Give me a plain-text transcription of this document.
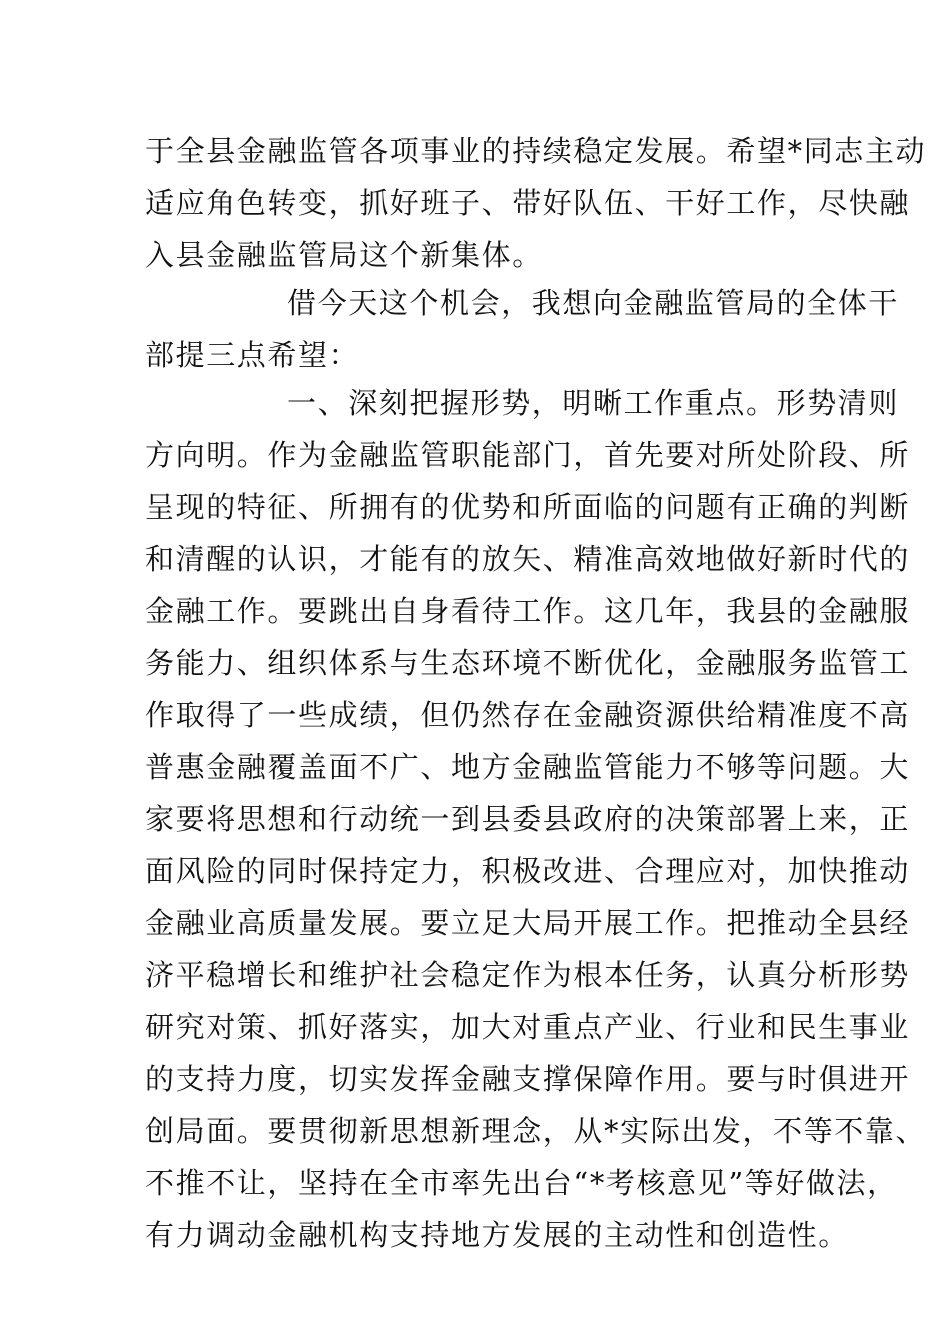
于全县金融监管各项事业的持续稳定发展。希望*同志主动
适应角色转变，抓好班子、带好队伍、干好工作，尽快融
入县金融监管局这个新集体。
借今天这个机会，我想向金融监管局的全体干
部提三点希望：
一、深刻把握形势，明晰工作重点。形势清则
方向明。作为金融监管职能部门，首先要对所处阶段、所
呈现的特征、所拥有的优势和所面临的问题有正确的判断
和清醒的认识，才能有的放矢、精准高效地做好新时代的
金融工作。要跳出自身看待工作。这几年，我县的金融服
务能力、组织体系与生态环境不断优化，金融服务监管工
作取得了一些成绩，但仍然存在金融资源供给精准度不高
普惠金融覆盖面不广、地方金融监管能力不够等问题。大
家要将思想和行动统一到县委县政府的决策部署上来，正
面风险的同时保持定力，积极改进、合理应对，加快推动
金融业高质量发展。要立足大局开展工作。把推动全县经
济平稳增长和维护社会稳定作为根本任务，认真分析形势
研究对策、抓好落实，加大对重点产业、行业和民生事业
的支持力度，切实发挥金融支撑保障作用。要与时俱进开
创局面。要贯彻新思想新理念，从*实际出发，不等不靠、
不推不让，坚持在全市率先出台“*考核意见”等好做法，
有力调动金融机构支持地方发展的主动性和创造性。
